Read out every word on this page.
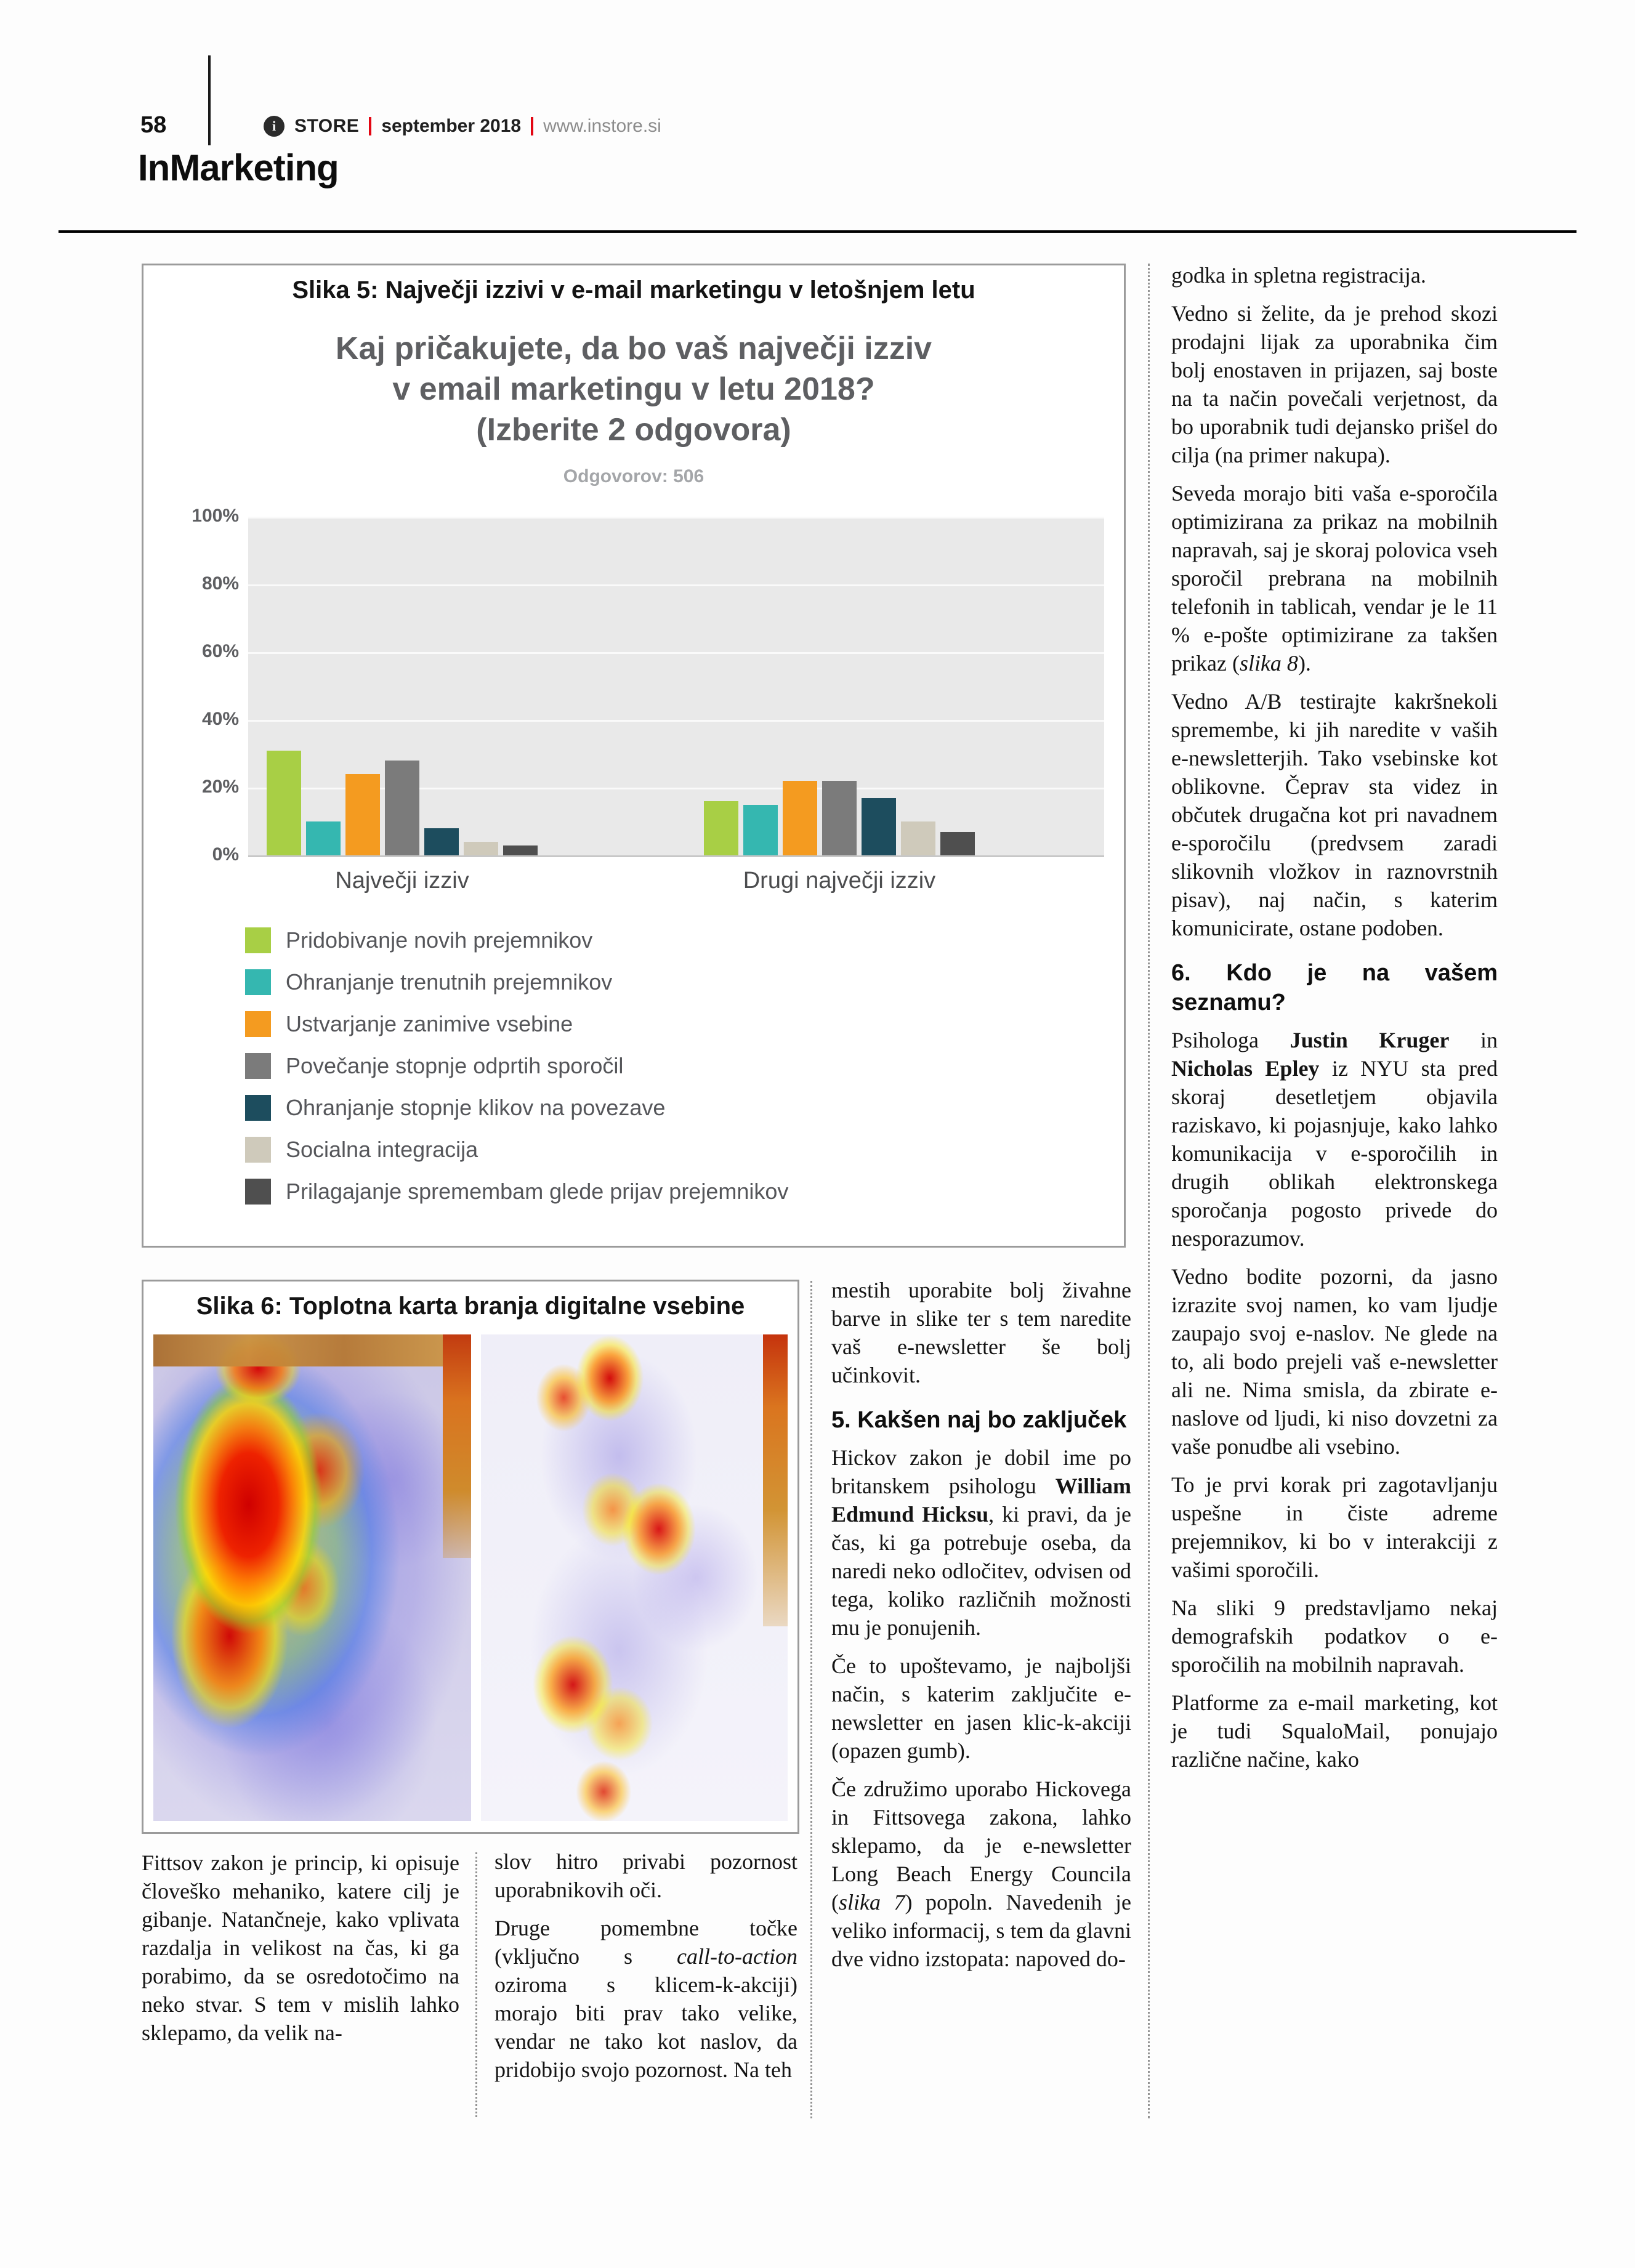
58	i STORE september 2018 www.instore.si
InMarketing
Slika 5: Največji izzivi v e-mail marketingu v letošnjem letu
Kaj pričakujete, da bo vaš največji izziv
v email marketingu v letu 2018?
(Izberite 2 odgovora)
Odgovorov: 506
100%
80%
60%
40%
20%
0%
Največji izziv	Drugi največji izziv
Pridobivanje novih prejemnikov
Ohranjanje trenutnih prejemnikov
Ustvarjanje zanimive vsebine
Povečanje stopnje odprtih sporočil
Ohranjanje stopnje klikov na povezave
Socialna integracija
Prilagajanje spremembam glede prijav prejemnikov
Slika 6: Toplotna karta branja digitalne vsebine

Fittsov zakon je princip, ki opisuje človeško mehaniko, katere cilj je gibanje. Natančneje, kako vplivata razdalja in velikost na čas, ki ga porabimo, da se osredotočimo na neko stvar. S tem v mislih lahko sklepamo, da velik na-

slov hitro privabi pozornost uporabnikovih oči.

Druge pomembne točke (vključno s call-to-action oziroma s klicem-k-akciji) morajo biti prav tako velike, vendar ne tako kot naslov, da pridobijo svojo pozornost. Na teh

mestih uporabite bolj živahne barve in slike ter s tem naredite vaš e-newsletter še bolj učinkovit.

5. Kakšen naj bo zaključek

Hickov zakon je dobil ime po britanskem psihologu William Edmund Hicksu, ki pravi, da je čas, ki ga potrebuje oseba, da naredi neko odločitev, odvisen od tega, koliko različnih možnosti mu je ponujenih.

Če to upoštevamo, je najboljši način, s katerim zaključite e-newsletter en jasen klic-k-akciji (opazen gumb).

Če združimo uporabo Hickovega in Fittsovega zakona, lahko sklepamo, da je e-newsletter Long Beach Energy Councila (slika 7) popoln. Navedenih je veliko informacij, s tem da glavni dve vidno izstopata: napoved do-

godka in spletna registracija.

Vedno si želite, da je prehod skozi prodajni lijak za uporabnika čim bolj enostaven in prijazen, saj boste na ta način povečali verjetnost, da bo uporabnik tudi dejansko prišel do cilja (na primer nakupa).

Seveda morajo biti vaša e-sporočila optimizirana za prikaz na mobilnih napravah, saj je skoraj polovica vseh sporočil prebrana na mobilnih telefonih in tablicah, vendar je le 11 % e-pošte optimizirane za takšen prikaz (slika 8).

Vedno A/B testirajte kakršnekoli spremembe, ki jih naredite v vaših e-newsletterjih. Tako vsebinske kot oblikovne. Čeprav sta videz in občutek drugačna kot pri navadnem e-sporočilu (predvsem zaradi slikovnih vložkov in raznovrstnih pisav), naj način, s katerim komunicirate, ostane podoben.

6. Kdo je na vašem seznamu?

Psihologa Justin Kruger in Nicholas Epley iz NYU sta pred skoraj desetletjem objavila raziskavo, ki pojasnjuje, kako lahko komunikacija v e-sporočilih in drugih oblikah elektronskega sporočanja pogosto privede do nesporazumov.

Vedno bodite pozorni, da jasno izrazite svoj namen, ko vam ljudje zaupajo svoj e-naslov. Ne glede na to, ali bodo prejeli vaš e-newsletter ali ne. Nima smisla, da zbirate e-naslove od ljudi, ki niso dovzetni za vaše ponudbe ali vsebino.

To je prvi korak pri zagotavljanju uspešne in čiste adreme prejemnikov, ki bo v interakciji z vašimi sporočili.

Na sliki 9 predstavljamo nekaj demografskih podatkov o e-sporočilih na mobilnih napravah.

Platforme za e-mail marketing, kot je tudi SqualoMail, ponujajo različne načine, kako
